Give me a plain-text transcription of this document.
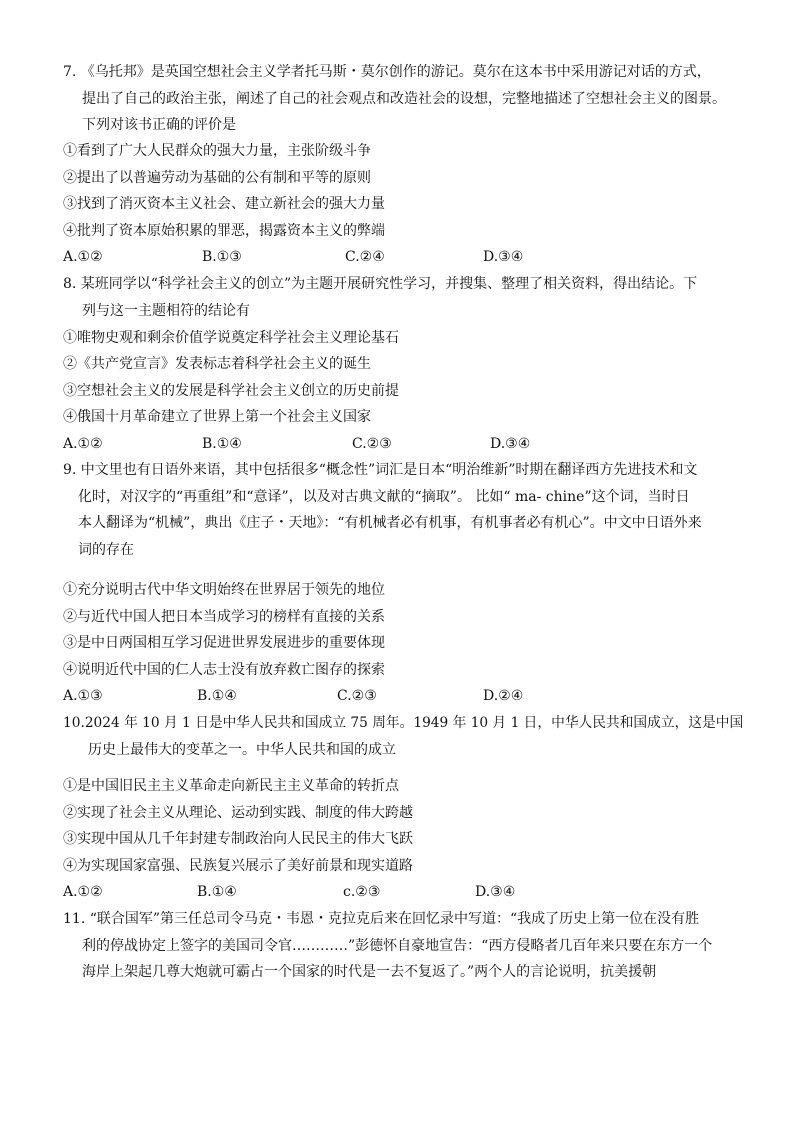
7. 《乌托邦》是英国空想社会主义学者托马斯・莫尔创作的游记。莫尔在这本书中采用游记对话的方式，
提出了自己的政治主张，阐述了自己的社会观点和改造社会的设想，完整地描述了空想社会主义的图景。
下列对该书正确的评价是
①看到了广大人民群众的强大力量，主张阶级斗争
②提出了以普遍劳动为基础的公有制和平等的原则
③找到了消灭资本主义社会、建立新社会的强大力量
④批判了资本原始积累的罪恶，揭露资本主义的弊端
A.①②	B.①③	C.②④	D.③④
8. 某班同学以“科学社会主义的创立”为主题开展研究性学习，并搜集、整理了相关资料，得出结论。下
列与这一主题相符的结论有
①唯物史观和剩余价值学说奠定科学社会主义理论基石
②《共产党宣言》发表标志着科学社会主义的诞生
③空想社会主义的发展是科学社会主义创立的历史前提
④俄国十月革命建立了世界上第一个社会主义国家
A.①②	B.①④	C.②③	D.③④
9. 中文里也有日语外来语，其中包括很多“概念性”词汇是日本“明治维新”时期在翻译西方先进技术和文
化时，对汉字的“再重组”和“意译”，以及对古典文献的“摘取”。 比如“ ma- chine”这个词，当时日
本人翻译为“机械”，典出《庄子・天地》：“有机械者必有机事，有机事者必有机心”。中文中日语外来
词的存在
①充分说明古代中华文明始终在世界居于领先的地位
②与近代中国人把日本当成学习的榜样有直接的关系
③是中日两国相互学习促进世界发展进步的重要体现
④说明近代中国的仁人志士没有放弃救亡图存的探索
A.①③	B.①④	C.②③	D.②④
10.2024 年 10 月 1 日是中华人民共和国成立 75 周年。1949 年 10 月 1 日，中华人民共和国成立，这是中国
历史上最伟大的变革之一。中华人民共和国的成立
①是中国旧民主主义革命走向新民主主义革命的转折点
②实现了社会主义从理论、运动到实践、制度的伟大跨越
③实现中国从几千年封建专制政治向人民民主的伟大飞跃
④为实现国家富强、民族复兴展示了美好前景和现实道路
A.①②	B.①④	c.②③	D.③④
11. “联合国军”第三任总司令马克・韦恩・克拉克后来在回忆录中写道：“我成了历史上第一位在没有胜
利的停战协定上签字的美国司令官…………”彭德怀自豪地宣告：“西方侵略者几百年来只要在东方一个
海岸上架起几尊大炮就可霸占一个国家的时代是一去不复返了。”两个人的言论说明，抗美援朝
